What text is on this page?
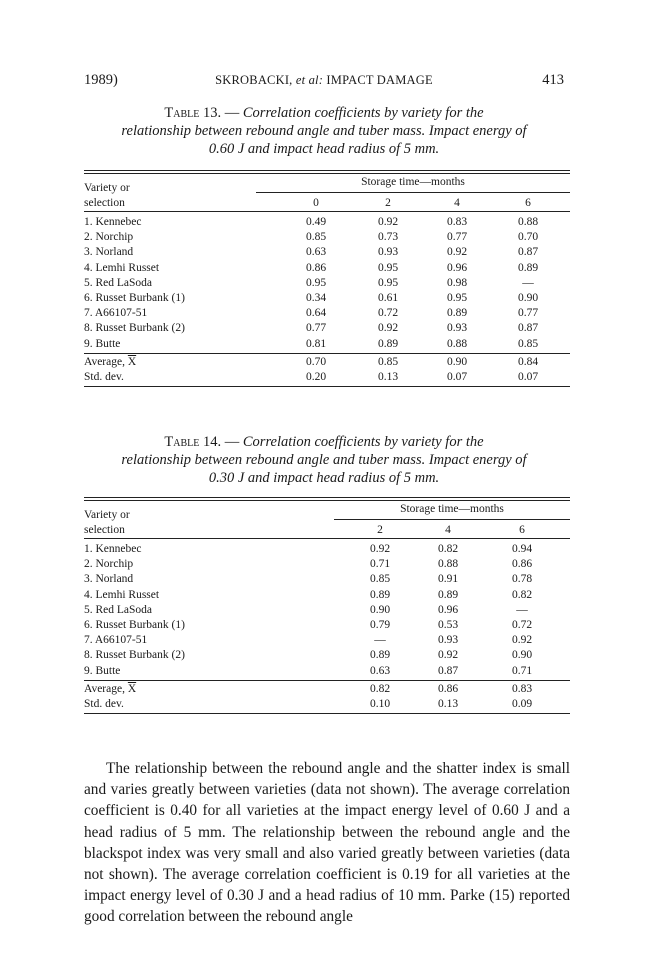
1989)	SKROBACKI, et al: IMPACT DAMAGE	413
Table 13. — Correlation coefficients by variety for the
relationship between rebound angle and tuber mass. Impact energy of
0.60 J and impact head radius of 5 mm.
Storage time—months
Variety or
selection	0	2	4	6
1. Kennebec	0.49	0.92	0.83	0.88
2. Norchip	0.85	0.73	0.77	0.70
3. Norland	0.63	0.93	0.92	0.87
4. Lemhi Russet	0.86	0.95	0.96	0.89
5. Red LaSoda	0.95	0.95	0.98	—
6. Russet Burbank (1)	0.34	0.61	0.95	0.90
7. A66107-51	0.64	0.72	0.89	0.77
8. Russet Burbank (2)	0.77	0.92	0.93	0.87
9. Butte	0.81	0.89	0.88	0.85
Average, $\overline{X}$	0.70	0.85	0.90	0.84
Std. dev.	0.20	0.13	0.07	0.07
Table 14. — Correlation coefficients by variety for the
relationship between rebound angle and tuber mass. Impact energy of
0.30 J and impact head radius of 5 mm.
Storage time—months
Variety or
selection	2	4	6
1. Kennebec	0.92	0.82	0.94
2. Norchip	0.71	0.88	0.86
3. Norland	0.85	0.91	0.78
4. Lemhi Russet	0.89	0.89	0.82
5. Red LaSoda	0.90	0.96	—
6. Russet Burbank (1)	0.79	0.53	0.72
7. A66107-51	—	0.93	0.92
8. Russet Burbank (2)	0.89	0.92	0.90
9. Butte	0.63	0.87	0.71
Average, $\overline{X}$	0.82	0.86	0.83
Std. dev.	0.10	0.13	0.09

The relationship between the rebound angle and the shatter index is small and varies greatly between varieties (data not shown). The average correlation coefficient is 0.40 for all varieties at the impact energy level of 0.60 J and a head radius of 5 mm. The relationship between the rebound angle and the blackspot index was very small and also varied greatly between varieties (data not shown). The average correlation coefficient is 0.19 for all varieties at the impact energy level of 0.30 J and a head radius of 10 mm. Parke (15) reported good correlation between the rebound angle
